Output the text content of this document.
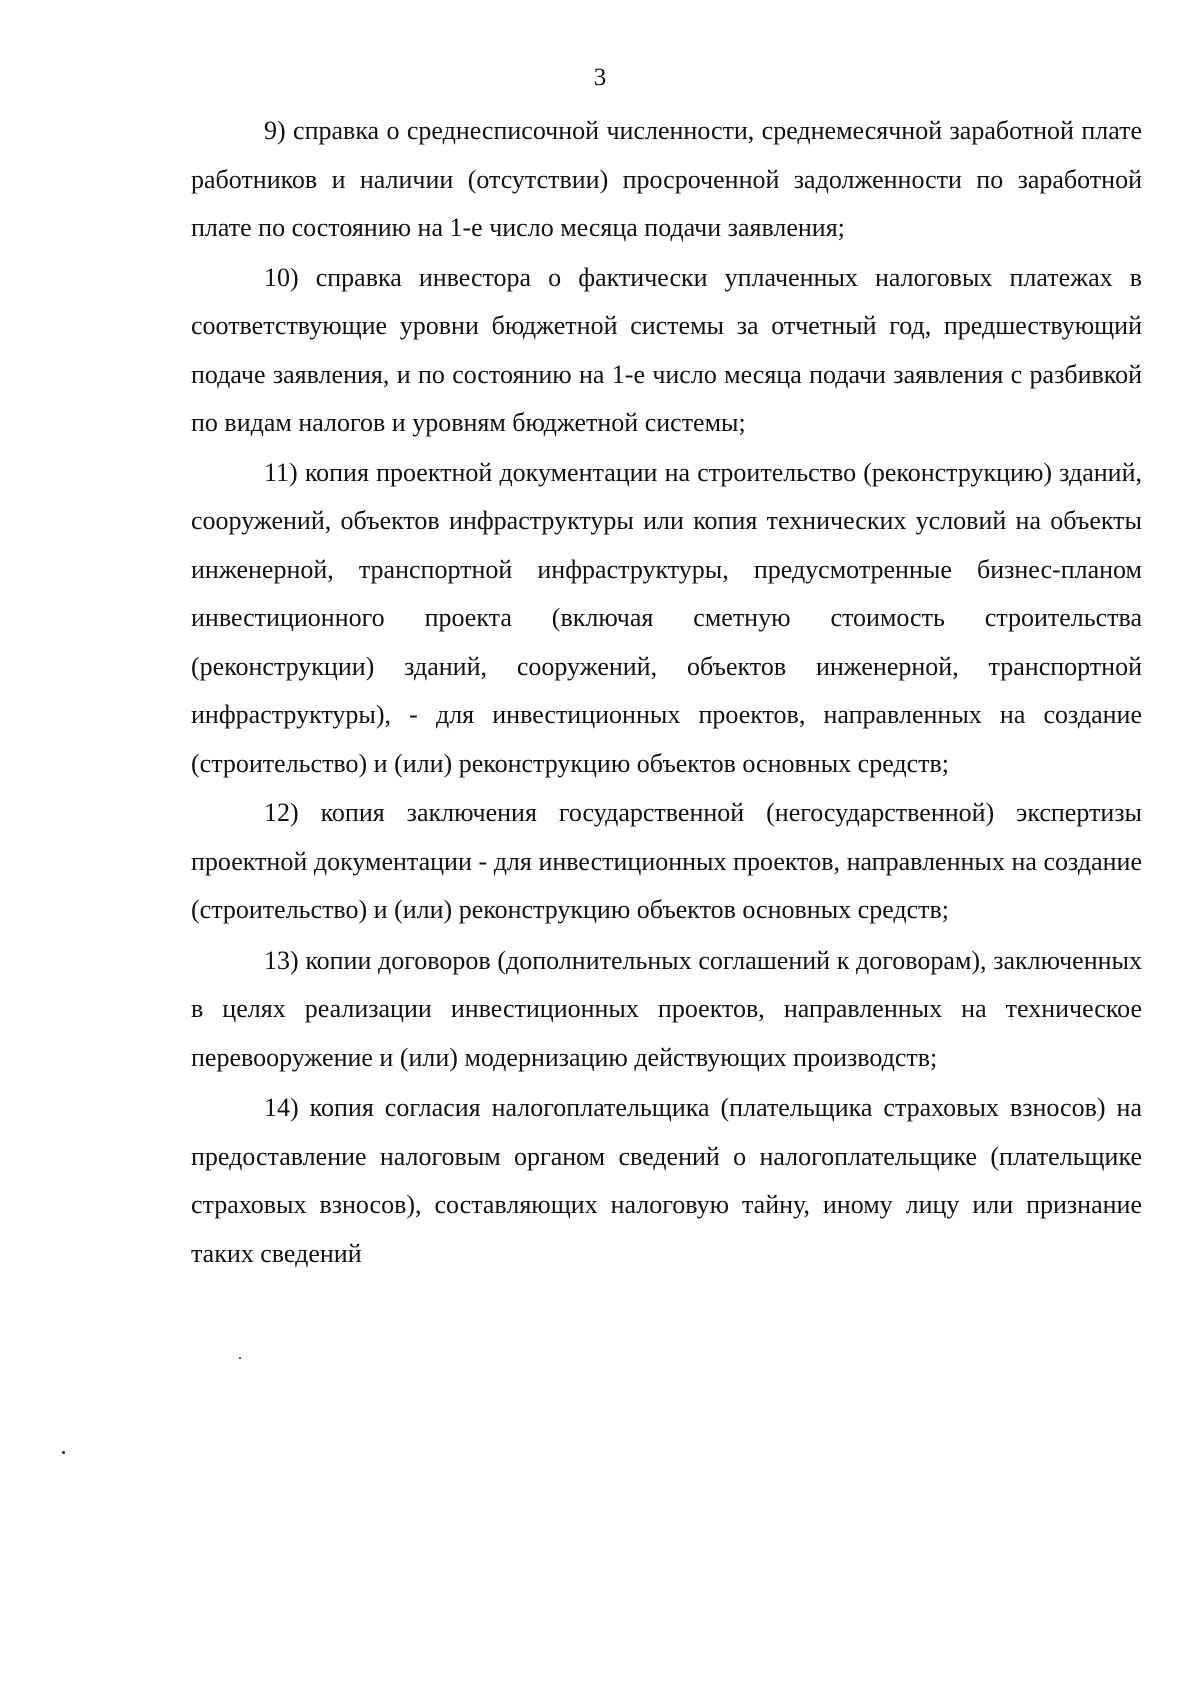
3

9) справка о среднесписочной численности, среднемесячной заработной плате работников и наличии (отсутствии) просроченной задолженности по заработной плате по состоянию на 1-е число месяца подачи заявления;

10) справка инвестора о фактически уплаченных налоговых платежах в соответствующие уровни бюджетной системы за отчетный год, предшествующий подаче заявления, и по состоянию на 1-е число месяца подачи заявления с разбивкой по видам налогов и уровням бюджетной системы;

11) копия проектной документации на строительство (реконструкцию) зданий, сооружений, объектов инфраструктуры или копия технических условий на объекты инженерной, транспортной инфраструктуры, предусмотренные бизнес-планом инвестиционного проекта (включая сметную стоимость строительства (реконструкции) зданий, сооружений, объектов инженерной, транспортной инфраструктуры), - для инвестиционных проектов, направленных на создание (строительство) и (или) реконструкцию объектов основных средств;

12) копия заключения государственной (негосударственной) экспертизы проектной документации - для инвестиционных проектов, направленных на создание (строительство) и (или) реконструкцию объектов основных средств;

13) копии договоров (дополнительных соглашений к договорам), заключенных в целях реализации инвестиционных проектов, направленных на техническое перевооружение и (или) модернизацию действующих производств;

14) копия согласия налогоплательщика (плательщика страховых взносов) на предоставление налоговым органом сведений о налогоплательщике (плательщике страховых взносов), составляющих налоговую тайну, иному лицу или признание таких сведений
